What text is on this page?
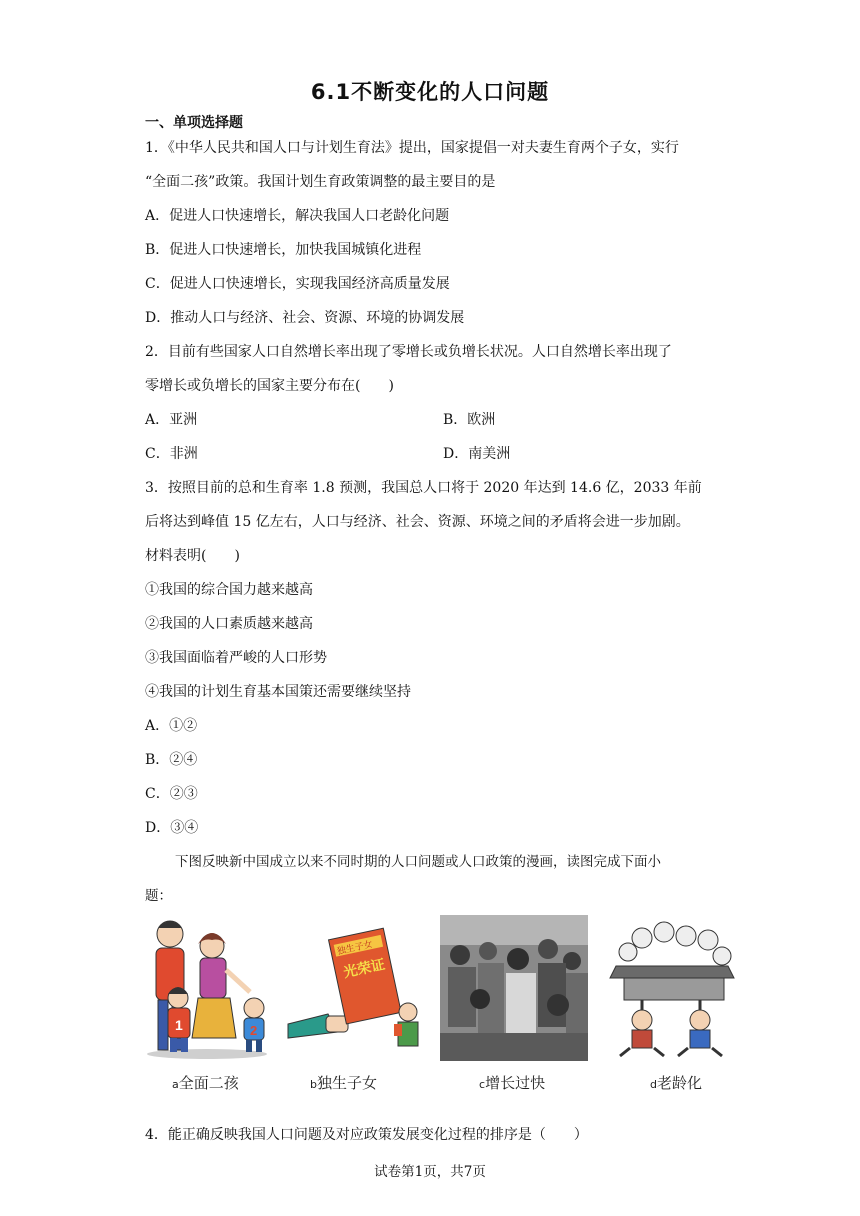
6.1不断变化的人口问题
一、单项选择题
1．《中华人民共和国人口与计划生育法》提出，国家提倡一对夫妻生育两个子女，实行
“全面二孩”政策。我国计划生育政策调整的最主要目的是
A．促进人口快速增长，解决我国人口老龄化问题
B．促进人口快速增长，加快我国城镇化进程
C．促进人口快速增长，实现我国经济高质量发展
D．推动人口与经济、社会、资源、环境的协调发展
2．目前有些国家人口自然增长率出现了零增长或负增长状况。人口自然增长率出现了
零增长或负增长的国家主要分布在(　　)
A．亚洲	B．欧洲
C．非洲	D．南美洲
3．按照目前的总和生育率 1.8 预测，我国总人口将于 2020 年达到 14.6 亿，2033 年前
后将达到峰值 15 亿左右，人口与经济、社会、资源、环境之间的矛盾将会进一步加剧。
材料表明(　　)
①我国的综合国力越来越高
②我国的人口素质越来越高
③我国面临着严峻的人口形势
④我国的计划生育基本国策还需要继续坚持
A．①②
B．②④
C．②③
D．③④
下图反映新中国成立以来不同时期的人口问题或人口政策的漫画，读图完成下面小
题：
1	2
独生子女
光荣证
a全面二孩	b独生子女	c增长过快	d老龄化
4．能正确反映我国人口问题及对应政策发展变化过程的排序是（　　）
试卷第1页，共7页
